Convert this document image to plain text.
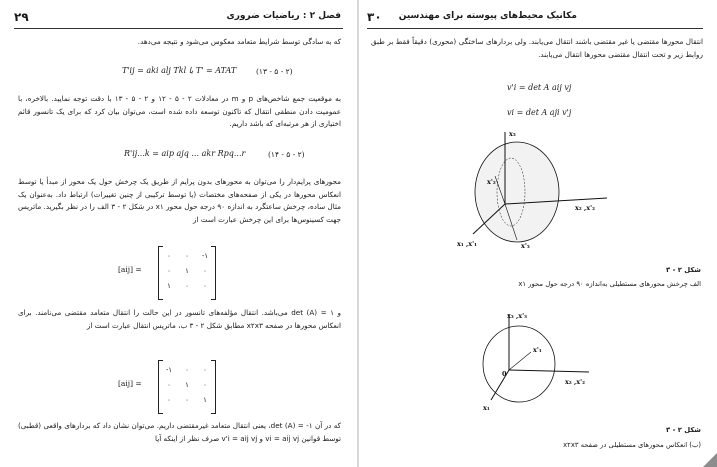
۲۹	فصل ۲ : ریاضیات ضروری
که به سادگی توسط شرایط متعامد معکوس می‌شود و نتیجه می‌دهد.
T'ij = aki alj Tkl یا T' = ATAT	(۱۳ - ۵ - ۲)
به موقعیت جمع شاخص‌های p و m در معادلات ۲ - ۵ - ۱۲ و ۲ - ۵ - ۱۳ با دقت توجه نمایید. بالاخره، با عمومیت دادن منطقی انتقال که تاکنون توسعه داده شده است، می‌توان بیان کرد که برای یک تانسور قائم اختیاری از هر مرتبه‌ای که باشد داریم.
R'ij...k = aip ajq ... akr Rpq...r	(۱۴ - ۵ - ۲)
محورهای پرایم‌دار را می‌توان به محورهای بدون پرایم از طریق یک چرخش حول یک محور از مبدأ یا توسط انعکاس محورها در یکی از صفحه‌های مختصات (یا توسط ترکیبی از چنین تغییرات) ارتباط داد. به‌عنوان یک مثال ساده، چرخش ساعتگرد به اندازه ۹۰ درجه حول محور x۱ در شکل ۲ - ۳ الف را در نظر بگیرید. ماتریس جهت کسینوس‌ها برای این چرخش عبارت است از
[aij] =
۰	۰	-۱
۰	۱	۰
۱	۰	۰
و det (A) = ۱ می‌باشد. انتقال مؤلفه‌های تانسور در این حالت را انتقال متعامد مقتضی می‌نامند. برای انعکاس محورها در صفحه x۲x۳ مطابق شکل ۲ - ۳ ب، ماتریس انتقال عبارت است از
[aij] =
-۱	۰	۰
۰	۱	۰
۰	۰	۱
که در آن det (A) = -۱، یعنی انتقال متعامد غیرمقتضی داریم. می‌توان نشان داد که بردارهای واقعی (قطبی) توسط قوانین vi = aij vj و v'i = aij vj صرف نظر از اینکه آیا
۳۰ مکانیک محیط‌های پیوسته برای مهندسین
انتقال محورها مقتضی یا غیر مقتضی باشند انتقال می‌یابند. ولی بردارهای ساختگی (محوری) دقیقاً فقط بر طبق روابط زیر و تحت انتقال مقتضی محورها انتقال می‌یابند.
v'i = det A aij vj
vi = det A aji v'j
x₃
x'₂
x₂ ,x'₂
x₁ ,x'₁	x'₃
شکل ۲ - ۳
الف چرخش محورهای مستطیلی به‌اندازه ۹۰ درجه حول محور x۱
x₃ ,x'₃
x'₁
0
x₂ ,x'₂
x₁
شکل ۲ - ۳
(ب) انعکاس محورهای مستطیلی در صفحه x۲x۳
